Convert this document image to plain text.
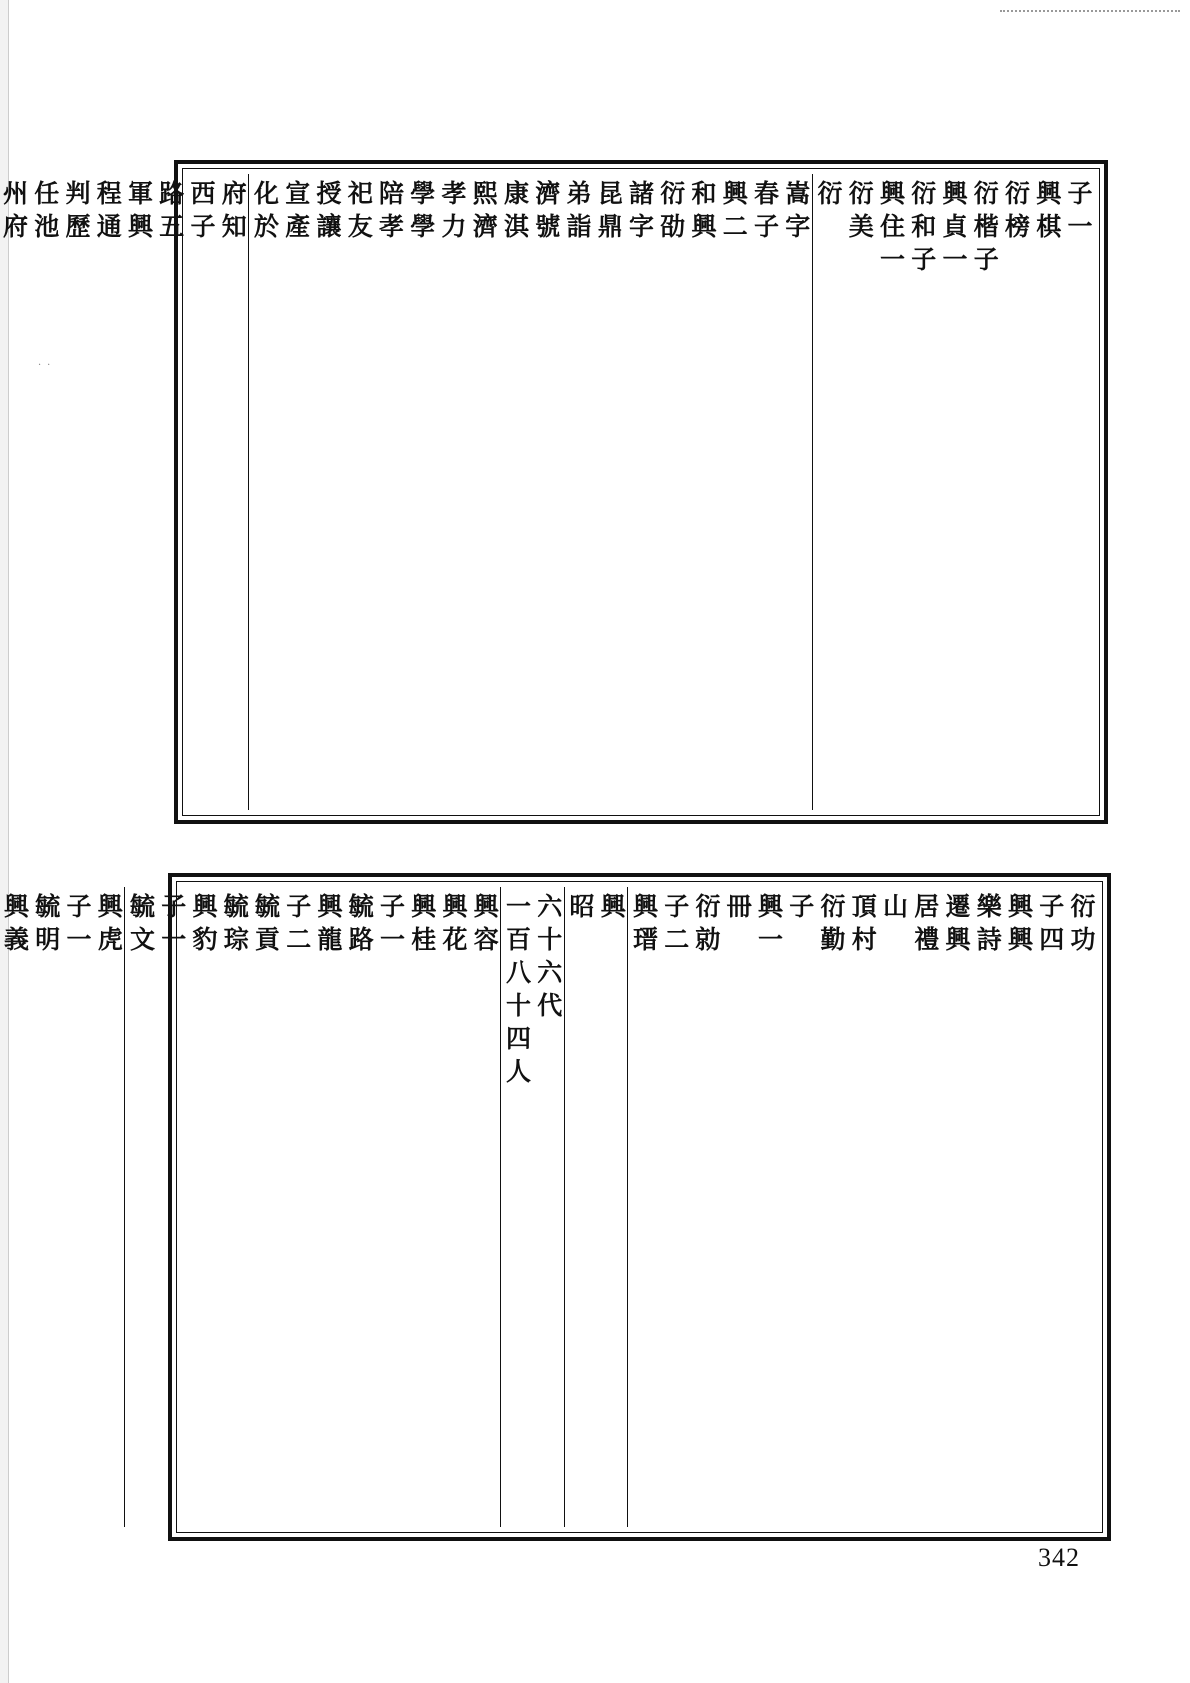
··
子一
興棋
衍榜
衍楷子
興貞一
衍和子
興住一
衍美
衍
嵩字
春子
興二
和興
衍劭
諸字
昆鼎
弟詣
濟號
康淇
熙濟
孝力
學學
陪孝
祀友
授讓
宣產
化於
府知
西子
路五
軍興
程通
判歷
任池
州府

衍功
子四
興興
樂詩
遷興
居禮
山
頂村
衍勤
子
興一
冊
衍勍
子二
興瑨
興
昭
六十六代
一百八十四人
興容
興花
興桂
子一
毓路
興龍
子二
毓貢
毓琮
興豹
子一
毓文
興虎
子一
毓明
興義

342
